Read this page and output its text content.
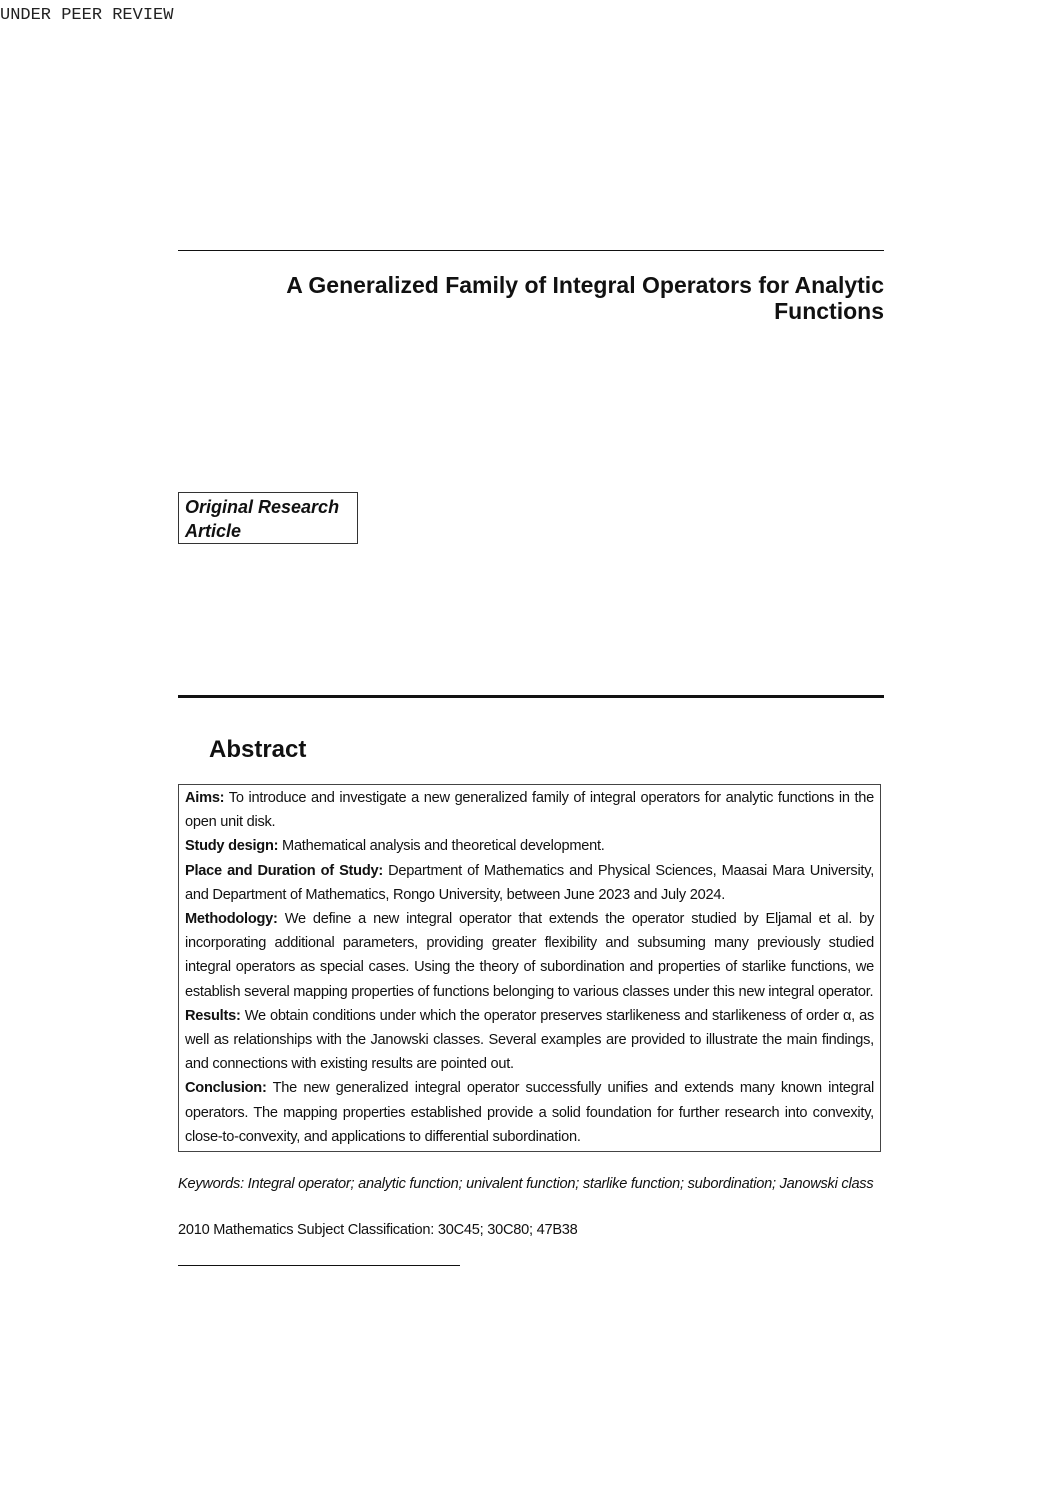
UNDER PEER REVIEW
A Generalized Family of Integral Operators for Analytic Functions
Original Research Article
Abstract

Aims: To introduce and investigate a new generalized family of integral operators for analytic functions in the open unit disk.

Study design: Mathematical analysis and theoretical development.

Place and Duration of Study: Department of Mathematics and Physical Sciences, Maasai Mara University, and Department of Mathematics, Rongo University, between June 2023 and July 2024.

Methodology: We define a new integral operator that extends the operator studied by Eljamal et al. by incorporating additional parameters, providing greater flexibility and subsuming many previously studied integral operators as special cases. Using the theory of subordination and properties of starlike functions, we establish several mapping properties of functions belonging to various classes under this new integral operator.

Results: We obtain conditions under which the operator preserves starlikeness and starlikeness of order α, as well as relationships with the Janowski classes. Several examples are provided to illustrate the main findings, and connections with existing results are pointed out.

Conclusion: The new generalized integral operator successfully unifies and extends many known integral operators. The mapping properties established provide a solid foundation for further research into convexity, close-to-convexity, and applications to differential subordination.

Keywords: Integral operator; analytic function; univalent function; starlike function; subordination; Janowski class
2010 Mathematics Subject Classification: 30C45; 30C80; 47B38
